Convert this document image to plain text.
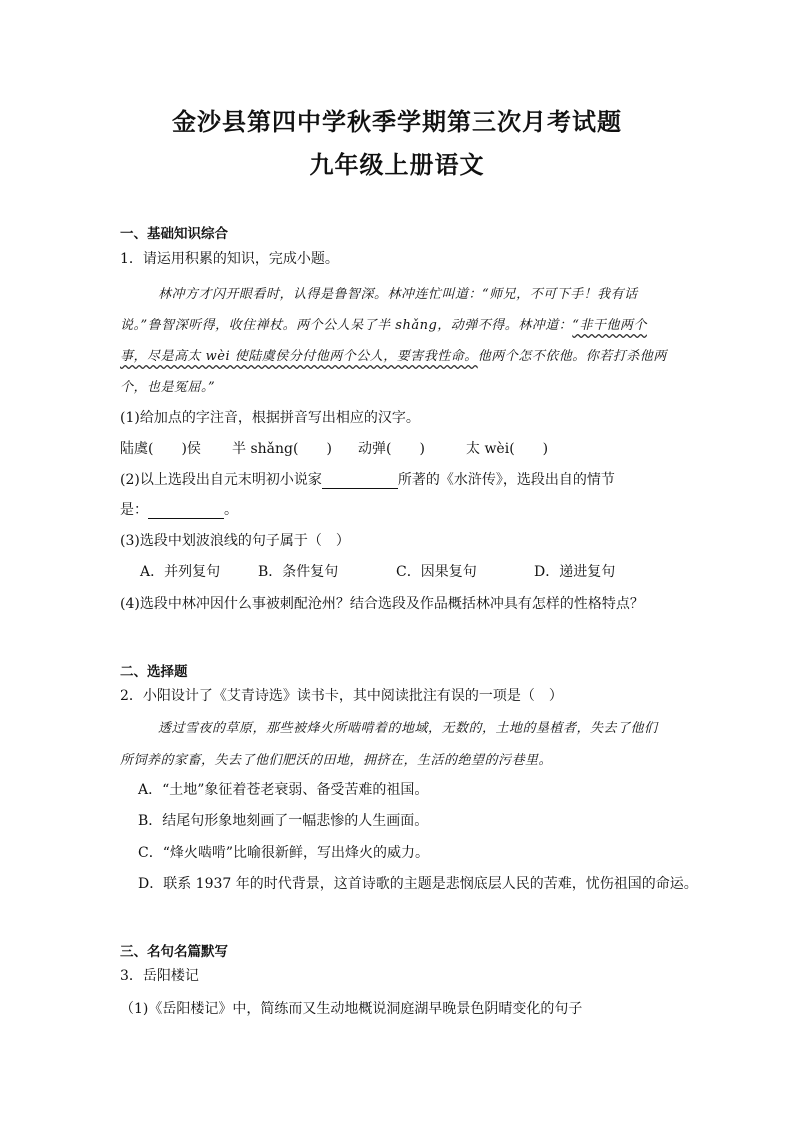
金沙县第四中学秋季学期第三次月考试题
九年级上册语文
一、基础知识综合
1．请运用积累的知识，完成小题。
林冲方才闪开眼看时，认得是鲁智深。林冲连忙叫道：“师兄，不可下手！我有话
说。”鲁智深听得，收住禅杖。两个公人呆了半 shǎng，动弹不得。林冲道：“非干他两个
事，尽是高太 wèi 使陆虞侯分付他两个公人，要害我性命。他两个怎不依他。你若打杀他两
个，也是冤屈。”
(1)给加点的字注音，根据拼音写出相应的汉字。
陆虞(　　)侯 半 shǎng(　　) 动弹(　　)	太 wèi(　　)
(2)以上选段出自元末明初小说家	所著的《水浒传》，选段出自的情节
是：	。
(3)选段中划波浪线的句子属于（　）
A．并列复句	B．条件复句	C．因果复句	D．递进复句
(4)选段中林冲因什么事被刺配沧州？结合选段及作品概括林冲具有怎样的性格特点？
二、选择题
2．小阳设计了《艾青诗选》读书卡，其中阅读批注有误的一项是（　）
透过雪夜的草原，那些被烽火所啮啃着的地域，无数的，土地的垦植者，失去了他们
所饲养的家畜，失去了他们肥沃的田地，拥挤在，生活的绝望的污巷里。
A．“土地”象征着苍老衰弱、备受苦难的祖国。
B．结尾句形象地刻画了一幅悲惨的人生画面。
C．“烽火啮啃”比喻很新鲜，写出烽火的威力。
D．联系 1937 年的时代背景，这首诗歌的主题是悲悯底层人民的苦难，忧伤祖国的命运。
三、名句名篇默写
3．岳阳楼记
（1)《岳阳楼记》中，简练而又生动地概说洞庭湖早晚景色阴晴变化的句子
